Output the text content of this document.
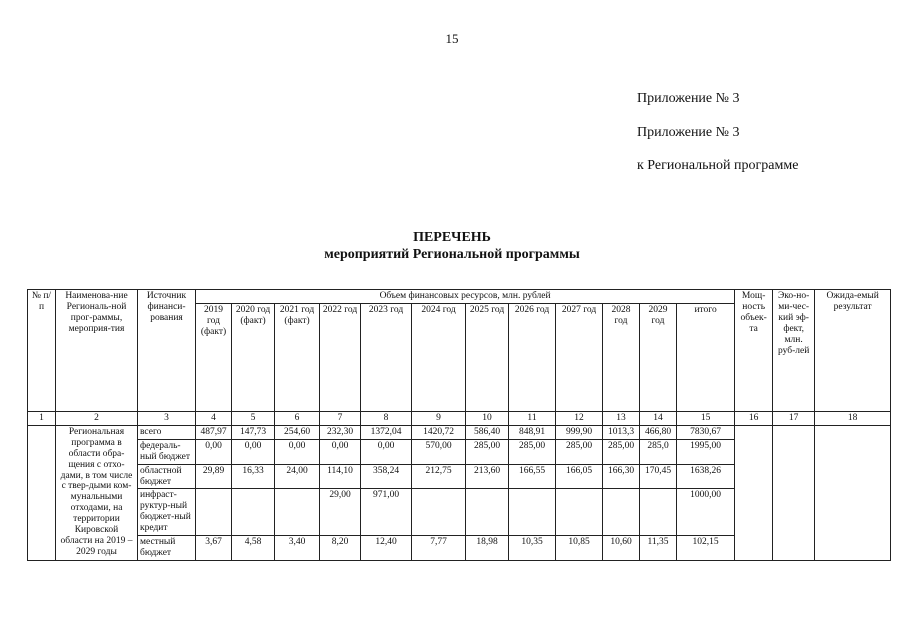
15
Приложение № 3
Приложение № 3
к Региональной программе
ПЕРЕЧЕНЬ
мероприятий Региональной программы
№ п/п	Наименова-ние Региональ-ной прог-раммы, мероприя-тия	Источник финанси-рования	Объем финансовых ресурсов, млн. рублей												Мощ-ность объек-та	Эко-но-ми-чес-кий эф-фект, млн. руб-лей	Ожида-емый результат
			2019 год (факт)	2020 год (факт)	2021 год (факт)	2022 год	2023 год	2024 год	2025 год	2026 год	2027 год	2028 год	2029 год	итого			
1	2	3	4	5	6	7	8	9	10	11	12	13	14	15	16	17	18
	Региональная программа в области обра-щения с отхо-дами, в том числе с твер-дыми ком-мунальными отходами, на территории Кировской области на 2019 – 2029 годы	всего	487,97	147,73	254,60	232,30	1372,04	1420,72	586,40	848,91	999,90	1013,3	466,80	7830,67			
		федераль-ный бюджет	0,00	0,00	0,00	0,00	0,00	570,00	285,00	285,00	285,00	285,00	285,0	1995,00			
		областной бюджет	29,89	16,33	24,00	114,10	358,24	212,75	213,60	166,55	166,05	166,30	170,45	1638,26			
		инфраст-руктур-ный бюджет-ный кредит				29,00	971,00							1000,00			
		местный бюджет	3,67	4,58	3,40	8,20	12,40	7,77	18,98	10,35	10,85	10,60	11,35	102,15			
